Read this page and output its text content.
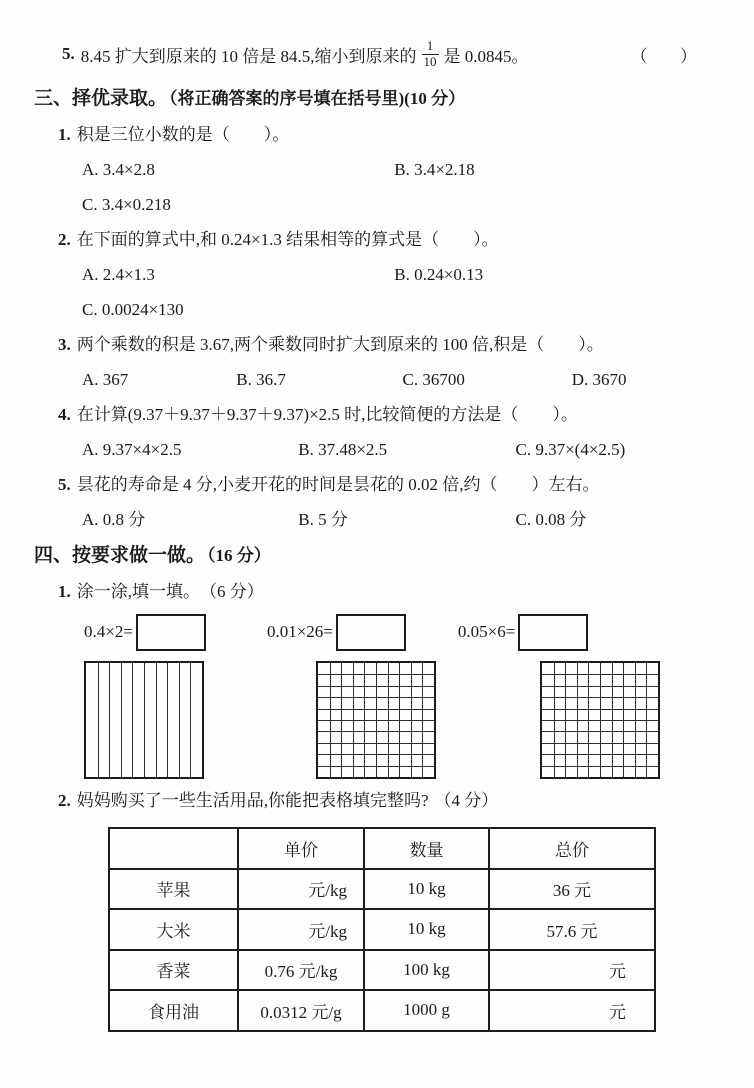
5. 8.45 扩大到原来的 10 倍是 84.5,缩小到原来的 $\frac{1}{10}$ 是 0.0845。	（      ）
三、择优录取。 （将正确答案的序号填在括号里)(10 分）
1. 积是三位小数的是（　　）。
A. 3.4×2.8	B. 3.4×2.18
C. 3.4×0.218
2. 在下面的算式中,和 0.24×1.3 结果相等的算式是（　　）。
A. 2.4×1.3	B. 0.24×0.13
C. 0.0024×130
3. 两个乘数的积是 3.67,两个乘数同时扩大到原来的 100 倍,积是（　　）。
A. 367	B. 36.7	C. 36700	D. 3670
4. 在计算(9.37＋9.37＋9.37＋9.37)×2.5 时,比较简便的方法是（　　）。
A. 9.37×4×2.5	B. 37.48×2.5	C. 9.37×(4×2.5)
5. 昙花的寿命是 4 分,小麦开花的时间是昙花的 0.02 倍,约（　　）左右。
A. 0.8 分	B. 5 分	C. 0.08 分
四、按要求做一做。 （16 分）
1. 涂一涂,填一填。 （6 分）
0.4×2=	0.01×26=	0.05×6=
2. 妈妈购买了一些生活用品,你能把表格填完整吗? （4 分）
	单价	数量	总价
苹果	元/kg	10 kg	36 元
大米	元/kg	10 kg	57.6 元
香菜	0.76 元/kg	100 kg	元
食用油	0.0312 元/g	1000 g	元
